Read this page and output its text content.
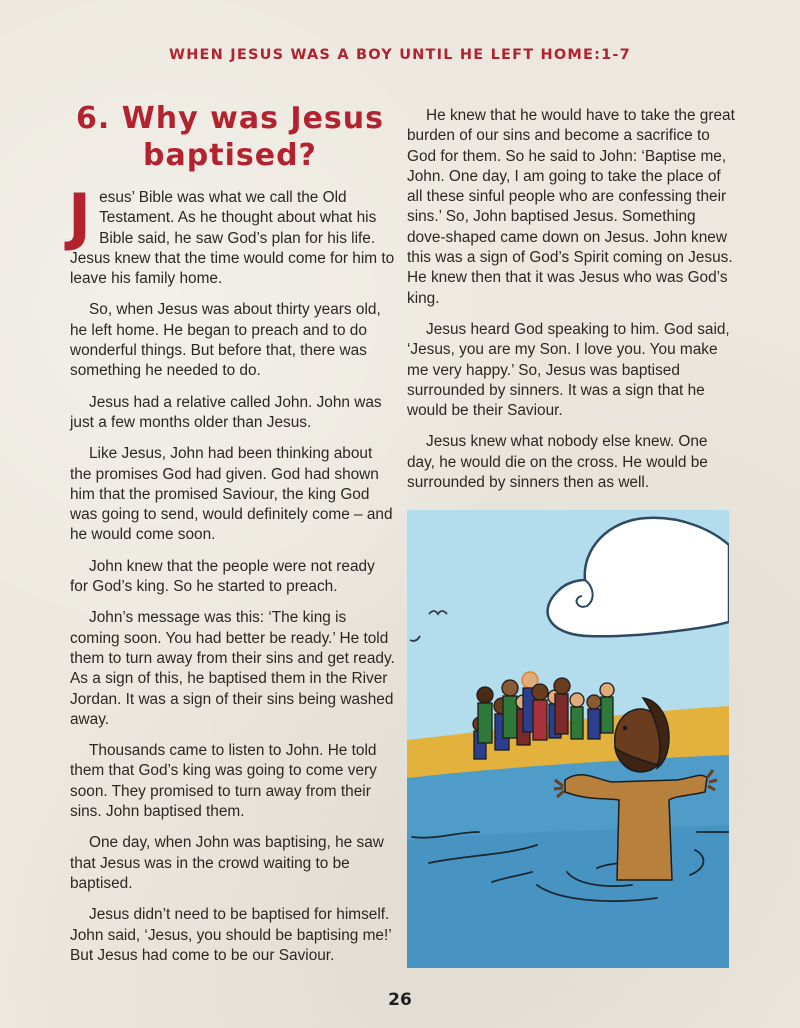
WHEN JESUS WAS A BOY UNTIL HE LEFT HOME:1-7
6. Why was Jesus baptised?

Jesus’ Bible was what we call the Old Testament. As he thought about what his Bible said, he saw God’s plan for his life. Jesus knew that the time would come for him to leave his family home.

So, when Jesus was about thirty years old, he left home. He began to preach and to do wonderful things. But before that, there was something he needed to do.

Jesus had a relative called John. John was just a few months older than Jesus.

Like Jesus, John had been thinking about the promises God had given. God had shown him that the promised Saviour, the king God was going to send, would definitely come – and he would come soon.

John knew that the people were not ready for God’s king. So he started to preach.

John’s message was this: ‘The king is coming soon. You had better be ready.’ He told them to turn away from their sins and get ready. As a sign of this, he baptised them in the River Jordan. It was a sign of their sins being washed away.

Thousands came to listen to John. He told them that God’s king was going to come very soon. They promised to turn away from their sins. John baptised them.

One day, when John was baptising, he saw that Jesus was in the crowd waiting to be baptised.

Jesus didn’t need to be baptised for himself. John said, ‘Jesus, you should be baptising me!’ But Jesus had come to be our Saviour.

He knew that he would have to take the great burden of our sins and become a sacrifice to God for them. So he said to John: ‘Baptise me, John. One day, I am going to take the place of all these sinful people who are confessing their sins.’ So, John baptised Jesus. Something dove-shaped came down on Jesus. John knew this was a sign of God’s Spirit coming on Jesus. He knew then that it was Jesus who was God’s king.

Jesus heard God speaking to him. God said, ‘Jesus, you are my Son. I love you. You make me very happy.’ So, Jesus was baptised surrounded by sinners. It was a sign that he would be their Saviour.

Jesus knew what nobody else knew. One day, he would die on the cross. He would be surrounded by sinners then as well.

26
